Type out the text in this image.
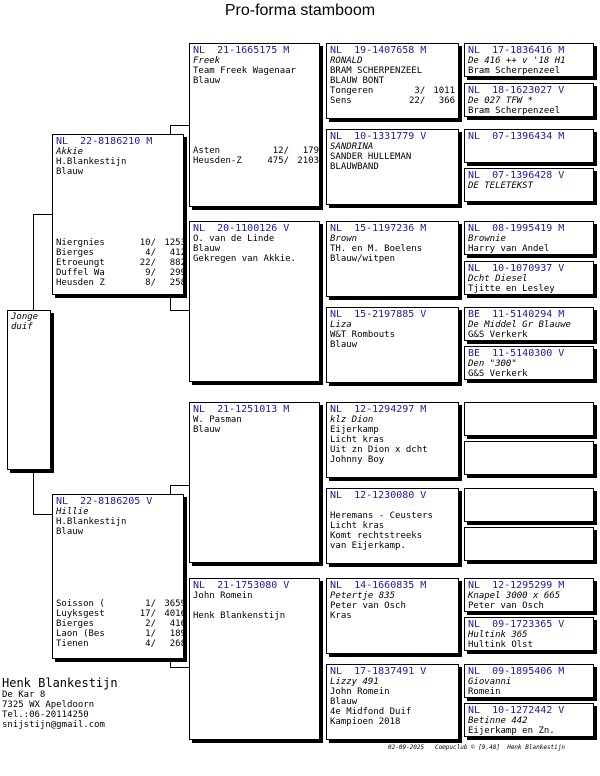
Pro-forma stamboom
Jonge duif
NL  22-8186210 M
Akkie
H.Blankestijn
Blauw
Niergnies	10/ 1253
Bierges	4/	412
Etroeungt	22/	882
Duffel Wa	9/	299
Heusden Z	8/	258
NL  22-8186205 V
Hillie
H.Blankestijn
Blauw
Soisson (	1/ 3659
Luyksgest	17/ 4016
Bierges	2/	416
Laon (Bes	1/	189
Tienen	4/	268
NL  21-1665175 M
Freek
Team Freek Wagenaar
Blauw
Asten	12/	179
Heusden-Z	475/ 2103
NL  20-1100126 V
O. van de Linde
Blauw
Gekregen van Akkie.
NL  21-1251013 M
W. Pasman
Blauw
NL  21-1753080 V
John Romein

Henk Blankenstijn
NL  19-1407658 M
RONALD
BRAM SCHERPENZEEL
BLAUW BONT
Tongeren	3/ 1011
Sens	22/	366
NL  10-1331779 V
SANDRINA
SANDER HULLEMAN
BLAUWBAND
NL  15-1197236 M
Brown
TH. en M. Boelens
Blauw/witpen
NL  15-2197885 V
Liza
W&T Rombouts
Blauw
NL  12-1294297 M
klz Dion
Eijerkamp
Licht kras
Uit zn Dion x dcht
Johnny Boy
NL  12-1230080 V

Heremans - Ceusters
Licht kras
Komt rechtstreeks
van Eijerkamp.
NL  14-1660835 M
Petertje 835
Peter van Osch
Kras
NL  17-1837491 V
Lizzy 491
John Romein
Blauw
4e Midfond Duif
Kampioen 2018
NL  17-1836416 M
De 416 ++ v '18 H1
Bram Scherpenzeel
NL  18-1623027 V
De 027 TFW *
Bram Scherpenzeel
NL  07-1396434 M
NL  07-1396428 V
DE TELETEKST
NL  08-1995419 M
Brownie
Harry van Andel
NL  10-1070937 V
Dcht Diesel
Tjitte en Lesley
BE  11-5140294 M
De Middel Gr Blauwe
G&S Verkerk
BE  11-5140300 V
Den "300"
G&S Verkerk
NL  12-1295299 M
Knapel 3000 x 665
Peter van Osch
NL  09-1723365 V
Hultink 365
Hultink Olst
NL  09-1895406 M
Giovanni
Romein
NL  10-1272442 V
Betinne 442
Eijerkamp en Zn.
Henk Blankestijn
De Kar 8
7325 WX Apeldoorn
Tel.:06-20114250
snijstijn@gmail.com
02-09-2025   Compuclub © [9.48]  Henk Blankestijn
